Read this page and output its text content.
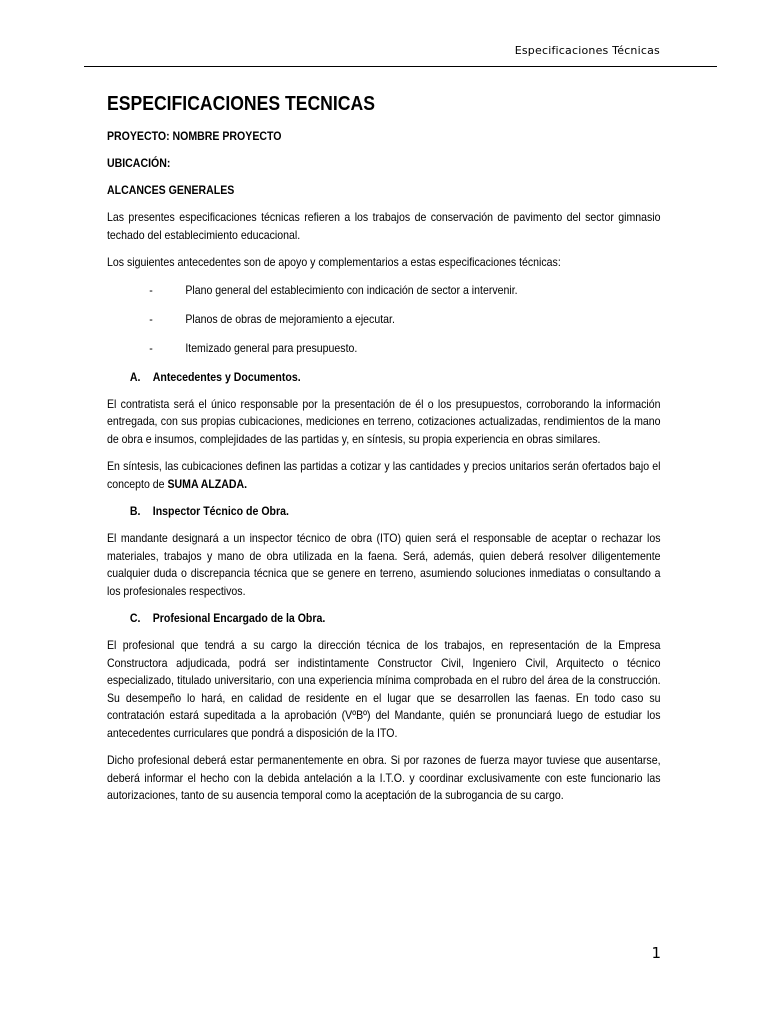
Especificaciones Técnicas
ESPECIFICACIONES TECNICAS
PROYECTO: NOMBRE PROYECTO
UBICACIÓN:
ALCANCES GENERALES

Las presentes especificaciones técnicas refieren a los trabajos de conservación de pavimento del sector gimnasio techado del establecimiento educacional.

Los siguientes antecedentes son de apoyo y complementarios a estas especificaciones técnicas:

-	Plano general del establecimiento con indicación de sector a intervenir.
-	Planos de obras de mejoramiento a ejecutar.
-	Itemizado general para presupuesto.
A. Antecedentes y Documentos.

El contratista será el único responsable por la presentación de él o los presupuestos, corroborando la información entregada, con sus propias cubicaciones, mediciones en terreno, cotizaciones actualizadas, rendimientos de la mano de obra e insumos, complejidades de las partidas y, en síntesis, su propia experiencia en obras similares.

En síntesis, las cubicaciones definen las partidas a cotizar y las cantidades y precios unitarios serán ofertados bajo el concepto de SUMA ALZADA.

B. Inspector Técnico de Obra.

El mandante designará a un inspector técnico de obra (ITO) quien será el responsable de aceptar o rechazar los materiales, trabajos y mano de obra utilizada en la faena. Será, además, quien deberá resolver diligentemente cualquier duda o discrepancia técnica que se genere en terreno, asumiendo soluciones inmediatas o consultando a los profesionales respectivos.

C. Profesional Encargado de la Obra.

El profesional que tendrá a su cargo la dirección técnica de los trabajos, en representación de la Empresa Constructora adjudicada, podrá ser indistintamente Constructor Civil, Ingeniero Civil, Arquitecto o técnico especializado, titulado universitario, con una experiencia mínima comprobada en el rubro del área de la construcción. Su desempeño lo hará, en calidad de residente en el lugar que se desarrollen las faenas. En todo caso su contratación estará supeditada a la aprobación (VºBº) del Mandante, quién se pronunciará luego de estudiar los antecedentes curriculares que pondrá a disposición de la ITO.

Dicho profesional deberá estar permanentemente en obra. Si por razones de fuerza mayor tuviese que ausentarse, deberá informar el hecho con la debida antelación a la I.T.O. y coordinar exclusivamente con este funcionario las autorizaciones, tanto de su ausencia temporal como la aceptación de la subrogancia de su cargo.

1
